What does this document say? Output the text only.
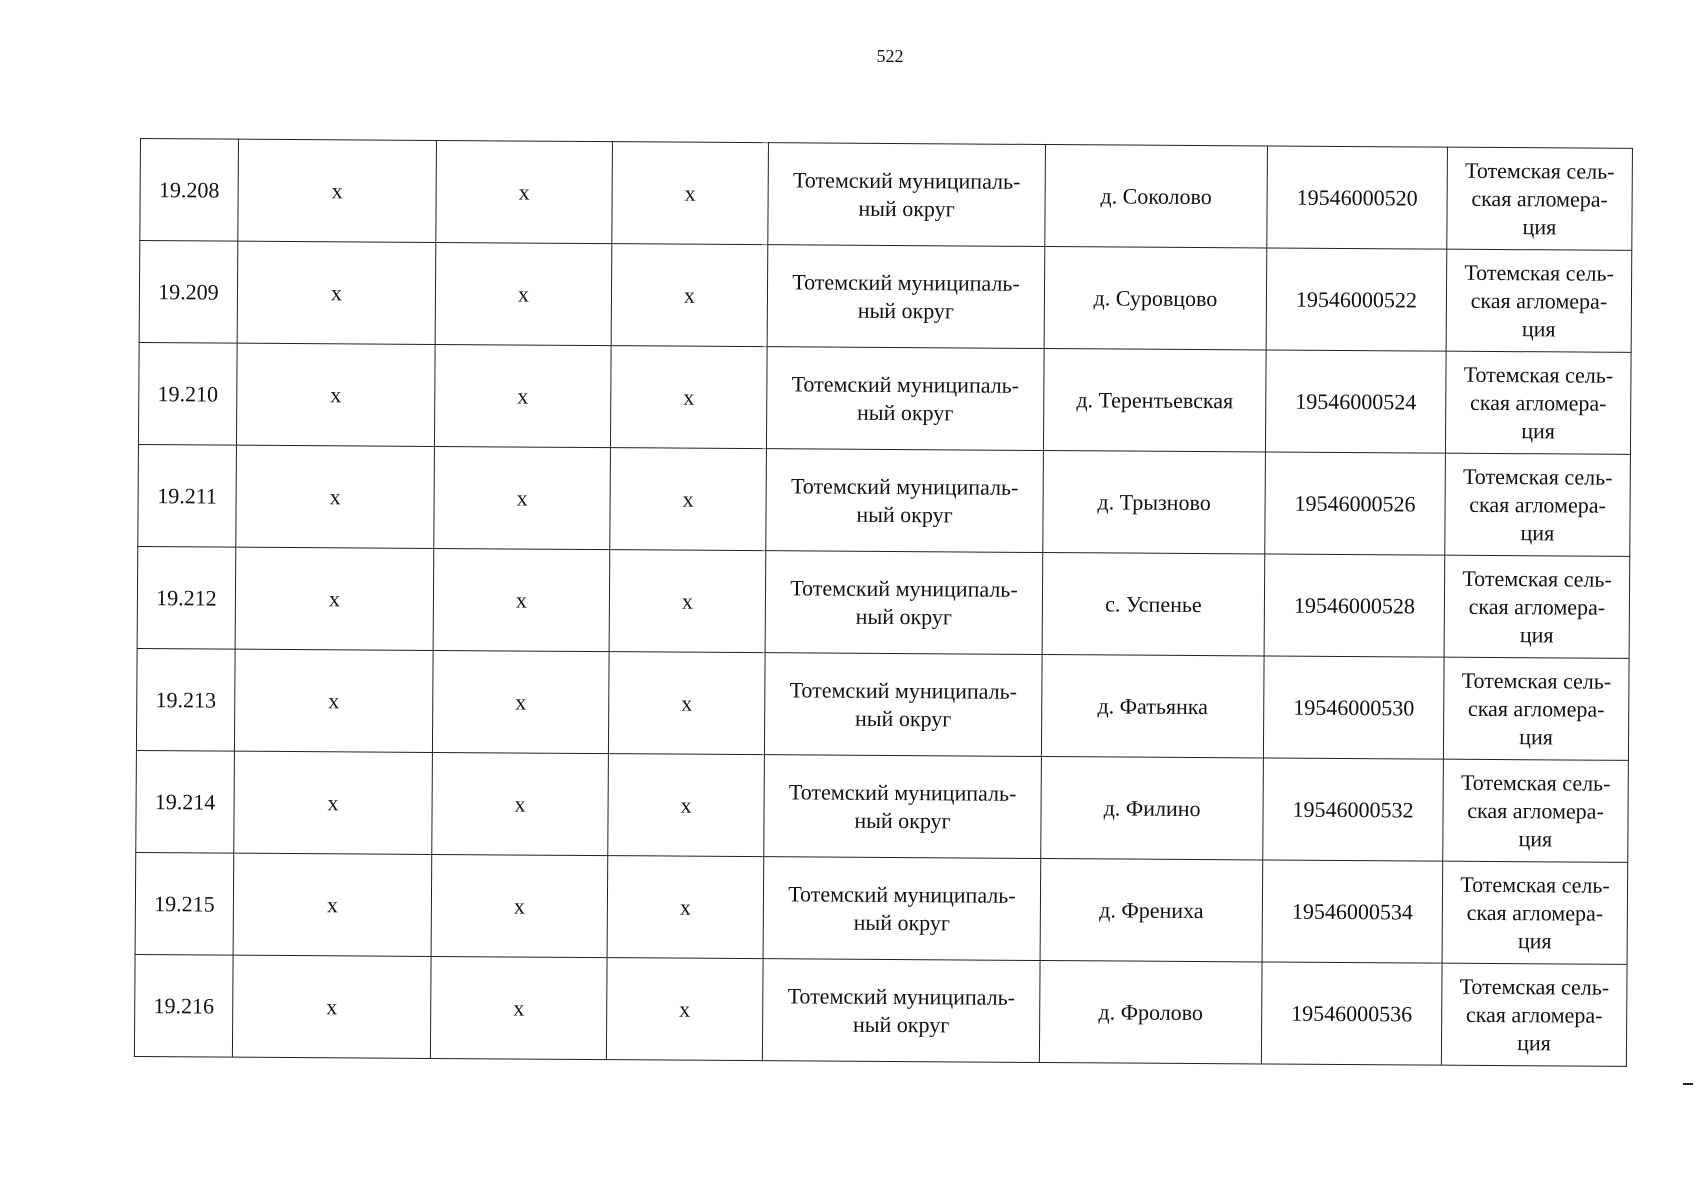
522
19.208	x	x	x	Тотемский муниципаль-
ный округ	д. Соколово	19546000520	Тотемская сель-
ская агломера-
ция
19.209	x	x	x	Тотемский муниципаль-
ный округ	д. Суровцово	19546000522	Тотемская сель-
ская агломера-
ция
19.210	x	x	x	Тотемский муниципаль-
ный округ	д. Терентьевская	19546000524	Тотемская сель-
ская агломера-
ция
19.211	x	x	x	Тотемский муниципаль-
ный округ	д. Трызново	19546000526	Тотемская сель-
ская агломера-
ция
19.212	x	x	x	Тотемский муниципаль-
ный округ	с. Успенье	19546000528	Тотемская сель-
ская агломера-
ция
19.213	x	x	x	Тотемский муниципаль-
ный округ	д. Фатьянка	19546000530	Тотемская сель-
ская агломера-
ция
19.214	x	x	x	Тотемский муниципаль-
ный округ	д. Филино	19546000532	Тотемская сель-
ская агломера-
ция
19.215	x	x	x	Тотемский муниципаль-
ный округ	д. Френиха	19546000534	Тотемская сель-
ская агломера-
ция
19.216	x	x	x	Тотемский муниципаль-
ный округ	д. Фролово	19546000536	Тотемская сель-
ская агломера-
ция
